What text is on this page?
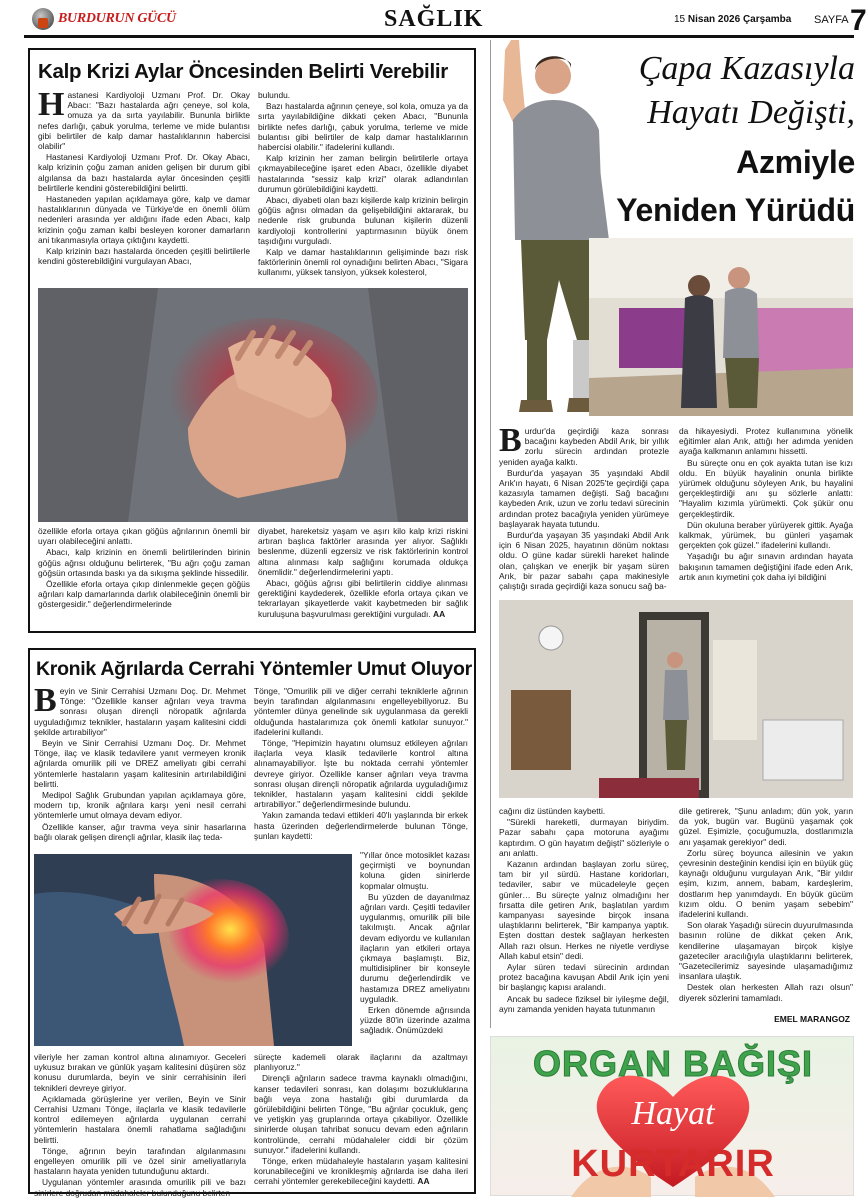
BURDURUN GÜCÜ	SAĞLIK	15 Nisan 2026 Çarşamba SAYFA 7
Kalp Krizi Aylar Öncesinden Belirti Verebilir
H astanesi Kardiyoloji Uzmanı Prof. Dr. Okay Abacı: "Bazı hastalarda ağrı çeneye, sol kola, omuza ya da sırta yayılabilir. Bununla birlikte nefes darlığı, çabuk yorulma, terleme ve mide bulantısı gibi belirtiler de kalp damar hastalıklarının habercisi olabilir"

Hastanesi Kardiyoloji Uzmanı Prof. Dr. Okay Abacı, kalp krizinin çoğu zaman aniden gelişen bir durum gibi algılansa da bazı hastalarda aylar öncesinden çeşitli belirtilerle kendini gösterebildiğini belirtti.

Hastaneden yapılan açıklamaya göre, kalp ve damar hastalıklarının dünyada ve Türkiye'de en önemli ölüm nedenleri arasında yer aldığını ifade eden Abacı, kalp krizinin çoğu zaman kalbi besleyen koroner damarların ani tıkanmasıyla ortaya çıktığını kaydetti.

Kalp krizinin bazı hastalarda önceden çeşitli belirtilerle kendini gösterebildiğini vurgulayan Abacı,

bulundu.

Bazı hastalarda ağrının çeneye, sol kola, omuza ya da sırta yayılabildiğine dikkati çeken Abacı, "Bununla birlikte nefes darlığı, çabuk yorulma, terleme ve mide bulantısı gibi belirtiler de kalp damar hastalıklarının habercisi olabilir." ifadelerini kullandı.

Kalp krizinin her zaman belirgin belirtilerle ortaya çıkmayabileceğine işaret eden Abacı, özellikle diyabet hastalarında "sessiz kalp krizi" olarak adlandırılan durumun görülebildiğini kaydetti.

Abacı, diyabeti olan bazı kişilerde kalp krizinin belirgin göğüs ağrısı olmadan da gelişebildiğini aktararak, bu nedenle risk grubunda bulunan kişilerin düzenli kardiyoloji kontrollerini yaptırmasının büyük önem taşıdığını vurguladı.

Kalp ve damar hastalıklarının gelişiminde bazı risk faktörlerinin önemli rol oynadığını belirten Abacı, "Sigara kullanımı, yüksek tansiyon, yüksek kolesterol,

özellikle eforla ortaya çıkan göğüs ağrılarının önemli bir uyarı olabileceğini anlattı.

Abacı, kalp krizinin en önemli belirtilerinden birinin göğüs ağrısı olduğunu belirterek, "Bu ağrı çoğu zaman göğsün ortasında baskı ya da sıkışma şeklinde hissedilir.

Özellikle eforla ortaya çıkıp dinlenmekle geçen göğüs ağrıları kalp damarlarında darlık olabileceğinin önemli bir göstergesidir." değerlendirmelerinde

diyabet, hareketsiz yaşam ve aşırı kilo kalp krizi riskini artıran başlıca faktörler arasında yer alıyor. Sağlıklı beslenme, düzenli egzersiz ve risk faktörlerinin kontrol altına alınması kalp sağlığını korumada oldukça önemlidir." değerlendirmelerini yaptı.

Abacı, göğüs ağrısı gibi belirtilerin ciddiye alınması gerektiğini kaydederek, özellikle eforla ortaya çıkan ve tekrarlayan şikayetlerde vakit kaybetmeden bir sağlık kuruluşuna başvurulması gerektiğini vurguladı. AA

Kronik Ağrılarda Cerrahi Yöntemler Umut Oluyor
B eyin ve Sinir Cerrahisi Uzmanı Doç. Dr. Mehmet Tönge: "Özellikle kanser ağrıları veya travma sonrası oluşan dirençli nöropatik ağrılarda uyguladığımız teknikler, hastaların yaşam kalitesini ciddi şekilde artırabiliyor"

Beyin ve Sinir Cerrahisi Uzmanı Doç. Dr. Mehmet Tönge, ilaç ve klasik tedavilere yanıt vermeyen kronik ağrılarda omurilik pili ve DREZ ameliyatı gibi cerrahi yöntemlerle hastaların yaşam kalitesinin artırılabildiğini belirtti.

Medipol Sağlık Grubundan yapılan açıklamaya göre, modern tıp, kronik ağrılara karşı yeni nesil cerrahi yöntemlerle umut olmaya devam ediyor.

Özellikle kanser, ağır travma veya sinir hasarlarına bağlı olarak gelişen dirençli ağrılar, klasik ilaç teda-

Tönge, "Omurilik pili ve diğer cerrahi tekniklerle ağrının beyin tarafından algılanmasını engelleyebiliyoruz. Bu yöntemler dünya genelinde sık uygulanmasa da gerekli olduğunda hastalarımıza çok önemli katkılar sunuyor." ifadelerini kullandı.

Tönge, "Hepimizin hayatını olumsuz etkileyen ağrıları ilaçlarla veya klasik tedavilerle kontrol altına alınamayabiliyor. İşte bu noktada cerrahi yöntemler devreye giriyor. Özellikle kanser ağrıları veya travma sonrası oluşan dirençli nöropatik ağrılarda uyguladığımız teknikler, hastaların yaşam kalitesini ciddi şekilde artırabiliyor." değerlendirmesinde bulundu.

Yakın zamanda tedavi ettikleri 40'lı yaşlarında bir erkek hasta üzerinden değerlendirmelerde bulunan Tönge, şunları kaydetti:

"Yıllar önce motosiklet kazası geçirmişti ve boynundan koluna giden sinirlerde kopmalar olmuştu.

Bu yüzden de dayanılmaz ağrıları vardı. Çeşitli tedaviler uygulanmış, omurilik pili bile takılmıştı. Ancak ağrılar devam ediyordu ve kullanılan ilaçların yan etkileri ortaya çıkmaya başlamıştı. Biz, multidisipliner bir konseyle durumu değerlendirdik ve hastamıza DREZ ameliyatını uyguladık.

Erken dönemde ağrısında yüzde 80'in üzerinde azalma sağladık. Önümüzdeki

vileriyle her zaman kontrol altına alınamıyor. Geceleri uykusuz bırakan ve günlük yaşam kalitesini düşüren söz konusu durumlarda, beyin ve sinir cerrahisinin ileri teknikleri devreye giriyor.

Açıklamada görüşlerine yer verilen, Beyin ve Sinir Cerrahisi Uzmanı Tönge, ilaçlarla ve klasik tedavilerle kontrol edilemeyen ağrılarda uygulanan cerrahi yöntemlerin hastalara önemli rahatlama sağladığını belirtti.

Tönge, ağrının beyin tarafından algılanmasını engelleyen omurilik pili ve özel sinir ameliyatlarıyla hastaların hayata yeniden tutunduğunu aktardı.

Uygulanan yöntemler arasında omurilik pili ve bazı sinirlere doğrudan müdahaleler bulunduğunu belirten

süreçte kademeli olarak ilaçlarını da azaltmayı planlıyoruz."

Dirençli ağrıların sadece travma kaynaklı olmadığını, kanser tedavileri sonrası, kan dolaşımı bozukluklarına bağlı veya zona hastalığı gibi durumlarda da görülebildiğini belirten Tönge, "Bu ağrılar çocukluk, genç ve yetişkin yaş gruplarında ortaya çıkabiliyor. Özellikle sinirlerde oluşan tahribat sonucu devam eden ağrıların kontrolünde, cerrahi müdahaleler ciddi bir çözüm sunuyor." ifadelerini kullandı.

Tönge, erken müdahaleyle hastaların yaşam kalitesini korunabileceğini ve kronikleşmiş ağrılarda ise daha ileri cerrahi yöntemler gerekebileceğini kaydetti. AA

Çapa Kazasıyla
Hayatı Değişti,
Azmiyle
Yeniden Yürüdü
B urdur'da geçirdiği kaza sonrası bacağını kaybeden Abdil Arık, bir yıllık zorlu sürecin ardından protezle yeniden ayağa kalktı.

Burdur'da yaşayan 35 yaşındaki Abdil Arık'ın hayatı, 6 Nisan 2025'te geçirdiği çapa kazasıyla tamamen değişti. Sağ bacağını kaybeden Arık, uzun ve zorlu tedavi sürecinin ardından protez bacağıyla yeniden yürümeye başlayarak hayata tutundu.

Burdur'da yaşayan 35 yaşındaki Abdil Arık için 6 Nisan 2025, hayatının dönüm noktası oldu. O güne kadar sürekli hareket halinde olan, çalışkan ve enerjik bir yaşam süren Arık, bir pazar sabahı çapa makinesiyle çalıştığı sırada geçirdiği kaza sonucu sağ ba-

da hikayesiydi. Protez kullanımına yönelik eğitimler alan Arık, attığı her adımda yeniden ayağa kalkmanın anlamını hissetti.

Bu süreçte onu en çok ayakta tutan ise kızı oldu. En büyük hayalinin onunla birlikte yürümek olduğunu söyleyen Arık, bu hayalini gerçekleştirdiği anı şu sözlerle anlattı: "Hayalim kızımla yürümekti. Çok şükür onu gerçekleştirdik.

Dün okuluna beraber yürüyerek gittik. Ayağa kalkmak, yürümek, bu günleri yaşamak gerçekten çok güzel." ifadelerini kullandı.

Yaşadığı bu ağır sınavın ardından hayata bakışının tamamen değiştiğini ifade eden Arık, artık anın kıymetini çok daha iyi bildiğini

cağını diz üstünden kaybetti.

"Sürekli hareketli, durmayan biriydim. Pazar sabahı çapa motoruna ayağımı kaptırdım. O gün hayatım değişti" sözleriyle o anı anlattı.

Kazanın ardından başlayan zorlu süreç, tam bir yıl sürdü. Hastane koridorları, tedaviler, sabır ve mücadeleyle geçen günler… Bu süreçte yalnız olmadığını her fırsatta dile getiren Arık, başlatılan yardım kampanyası sayesinde birçok insana ulaştıklarını belirterek, "Bir kampanya yaptık. Eşten dosttan destek sağlayan herkesten Allah razı olsun. Herkes ne niyetle verdiyse Allah kabul etsin" dedi.

Aylar süren tedavi sürecinin ardından protez bacağına kavuşan Abdil Arık için yeni bir başlangıç kapısı aralandı.

Ancak bu sadece fiziksel bir iyileşme değil, aynı zamanda yeniden hayata tutunmanın

dile getirerek, "Şunu anladım; dün yok, yarın da yok, bugün var. Bugünü yaşamak çok güzel. Eşimizle, çocuğumuzla, dostlarımızla anı yaşamak gerekiyor" dedi.

Zorlu süreç boyunca ailesinin ve yakın çevresinin desteğinin kendisi için en büyük güç kaynağı olduğunu vurgulayan Arık, "Bir yıldır eşim, kızım, annem, babam, kardeşlerim, dostlarım hep yanımdaydı. En büyük gücüm kızım oldu. O benim yaşam sebebim" ifadelerini kullandı.

Son olarak Yaşadığı sürecin duyurulmasında basının rolüne de dikkat çeken Arık, kendilerine ulaşamayan birçok kişiye gazeteciler aracılığıyla ulaştıklarını belirterek, "Gazetecilerimiz sayesinde ulaşamadığımız insanlara ulaştık.

Destek olan herkesten Allah razı olsun" diyerek sözlerini tamamladı.

EMEL MARANGOZ
ORGAN BAĞIŞI
Hayat
KURTARIR
